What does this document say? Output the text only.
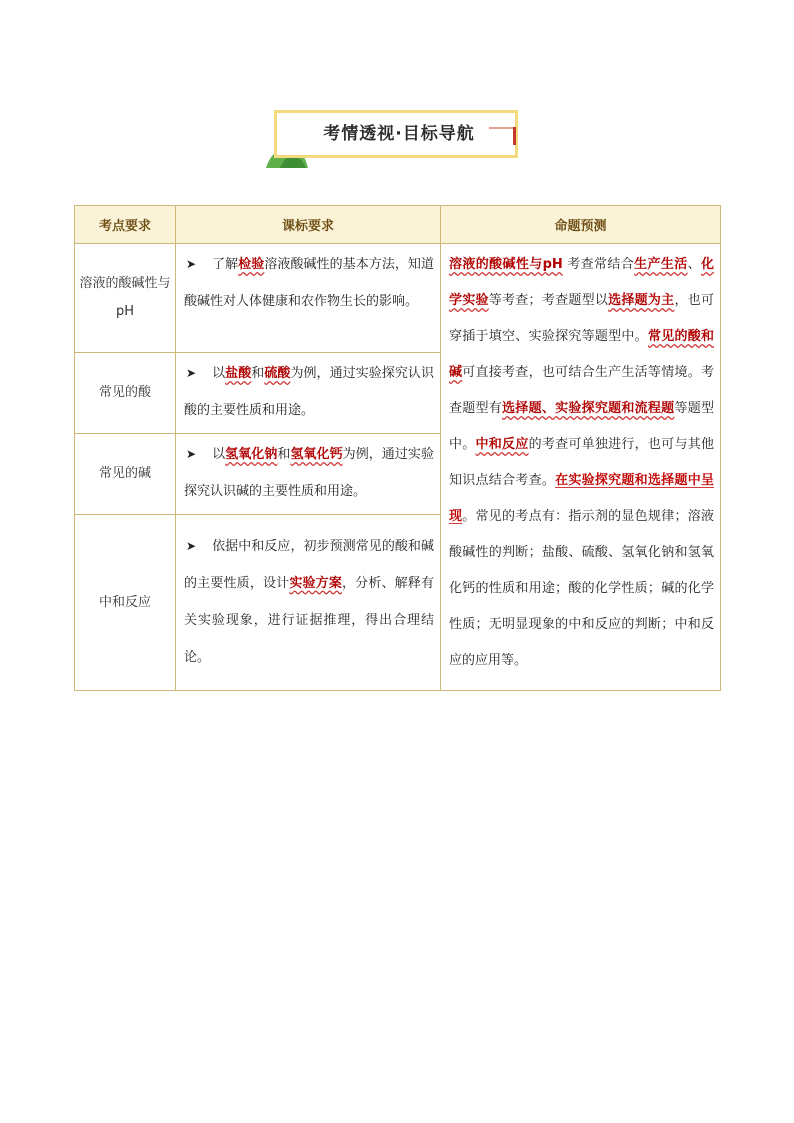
考情透视·目标导航
考点要求	课标要求	命题预测
溶液的酸碱性与pH	➤ 了解检验溶液酸碱性的基本方法，知道酸碱性对人体健康和农作物生长的影响。	溶液的酸碱性与pH 考查常结合生产生活、化学实验等考查；考查题型以选择题为主，也可穿插于填空、实验探究等题型中。常见的酸和碱可直接考查，也可结合生产生活等情境。考查题型有选择题、实验探究题和流程题等题型中。中和反应的考查可单独进行，也可与其他知识点结合考查。在实验探究题和选择题中呈现。常见的考点有：指示剂的显色规律；溶液酸碱性的判断；盐酸、硫酸、氢氧化钠和氢氧化钙的性质和用途；酸的化学性质；碱的化学性质；无明显现象的中和反应的判断；中和反应的应用等。
常见的酸	➤ 以盐酸和硫酸为例，通过实验探究认识酸的主要性质和用途。	
常见的碱	➤ 以氢氧化钠和氢氧化钙为例，通过实验探究认识碱的主要性质和用途。	
中和反应	➤ 依据中和反应，初步预测常见的酸和碱的主要性质，设计实验方案，分析、解释有关实验现象，进行证据推理，得出合理结论。	
